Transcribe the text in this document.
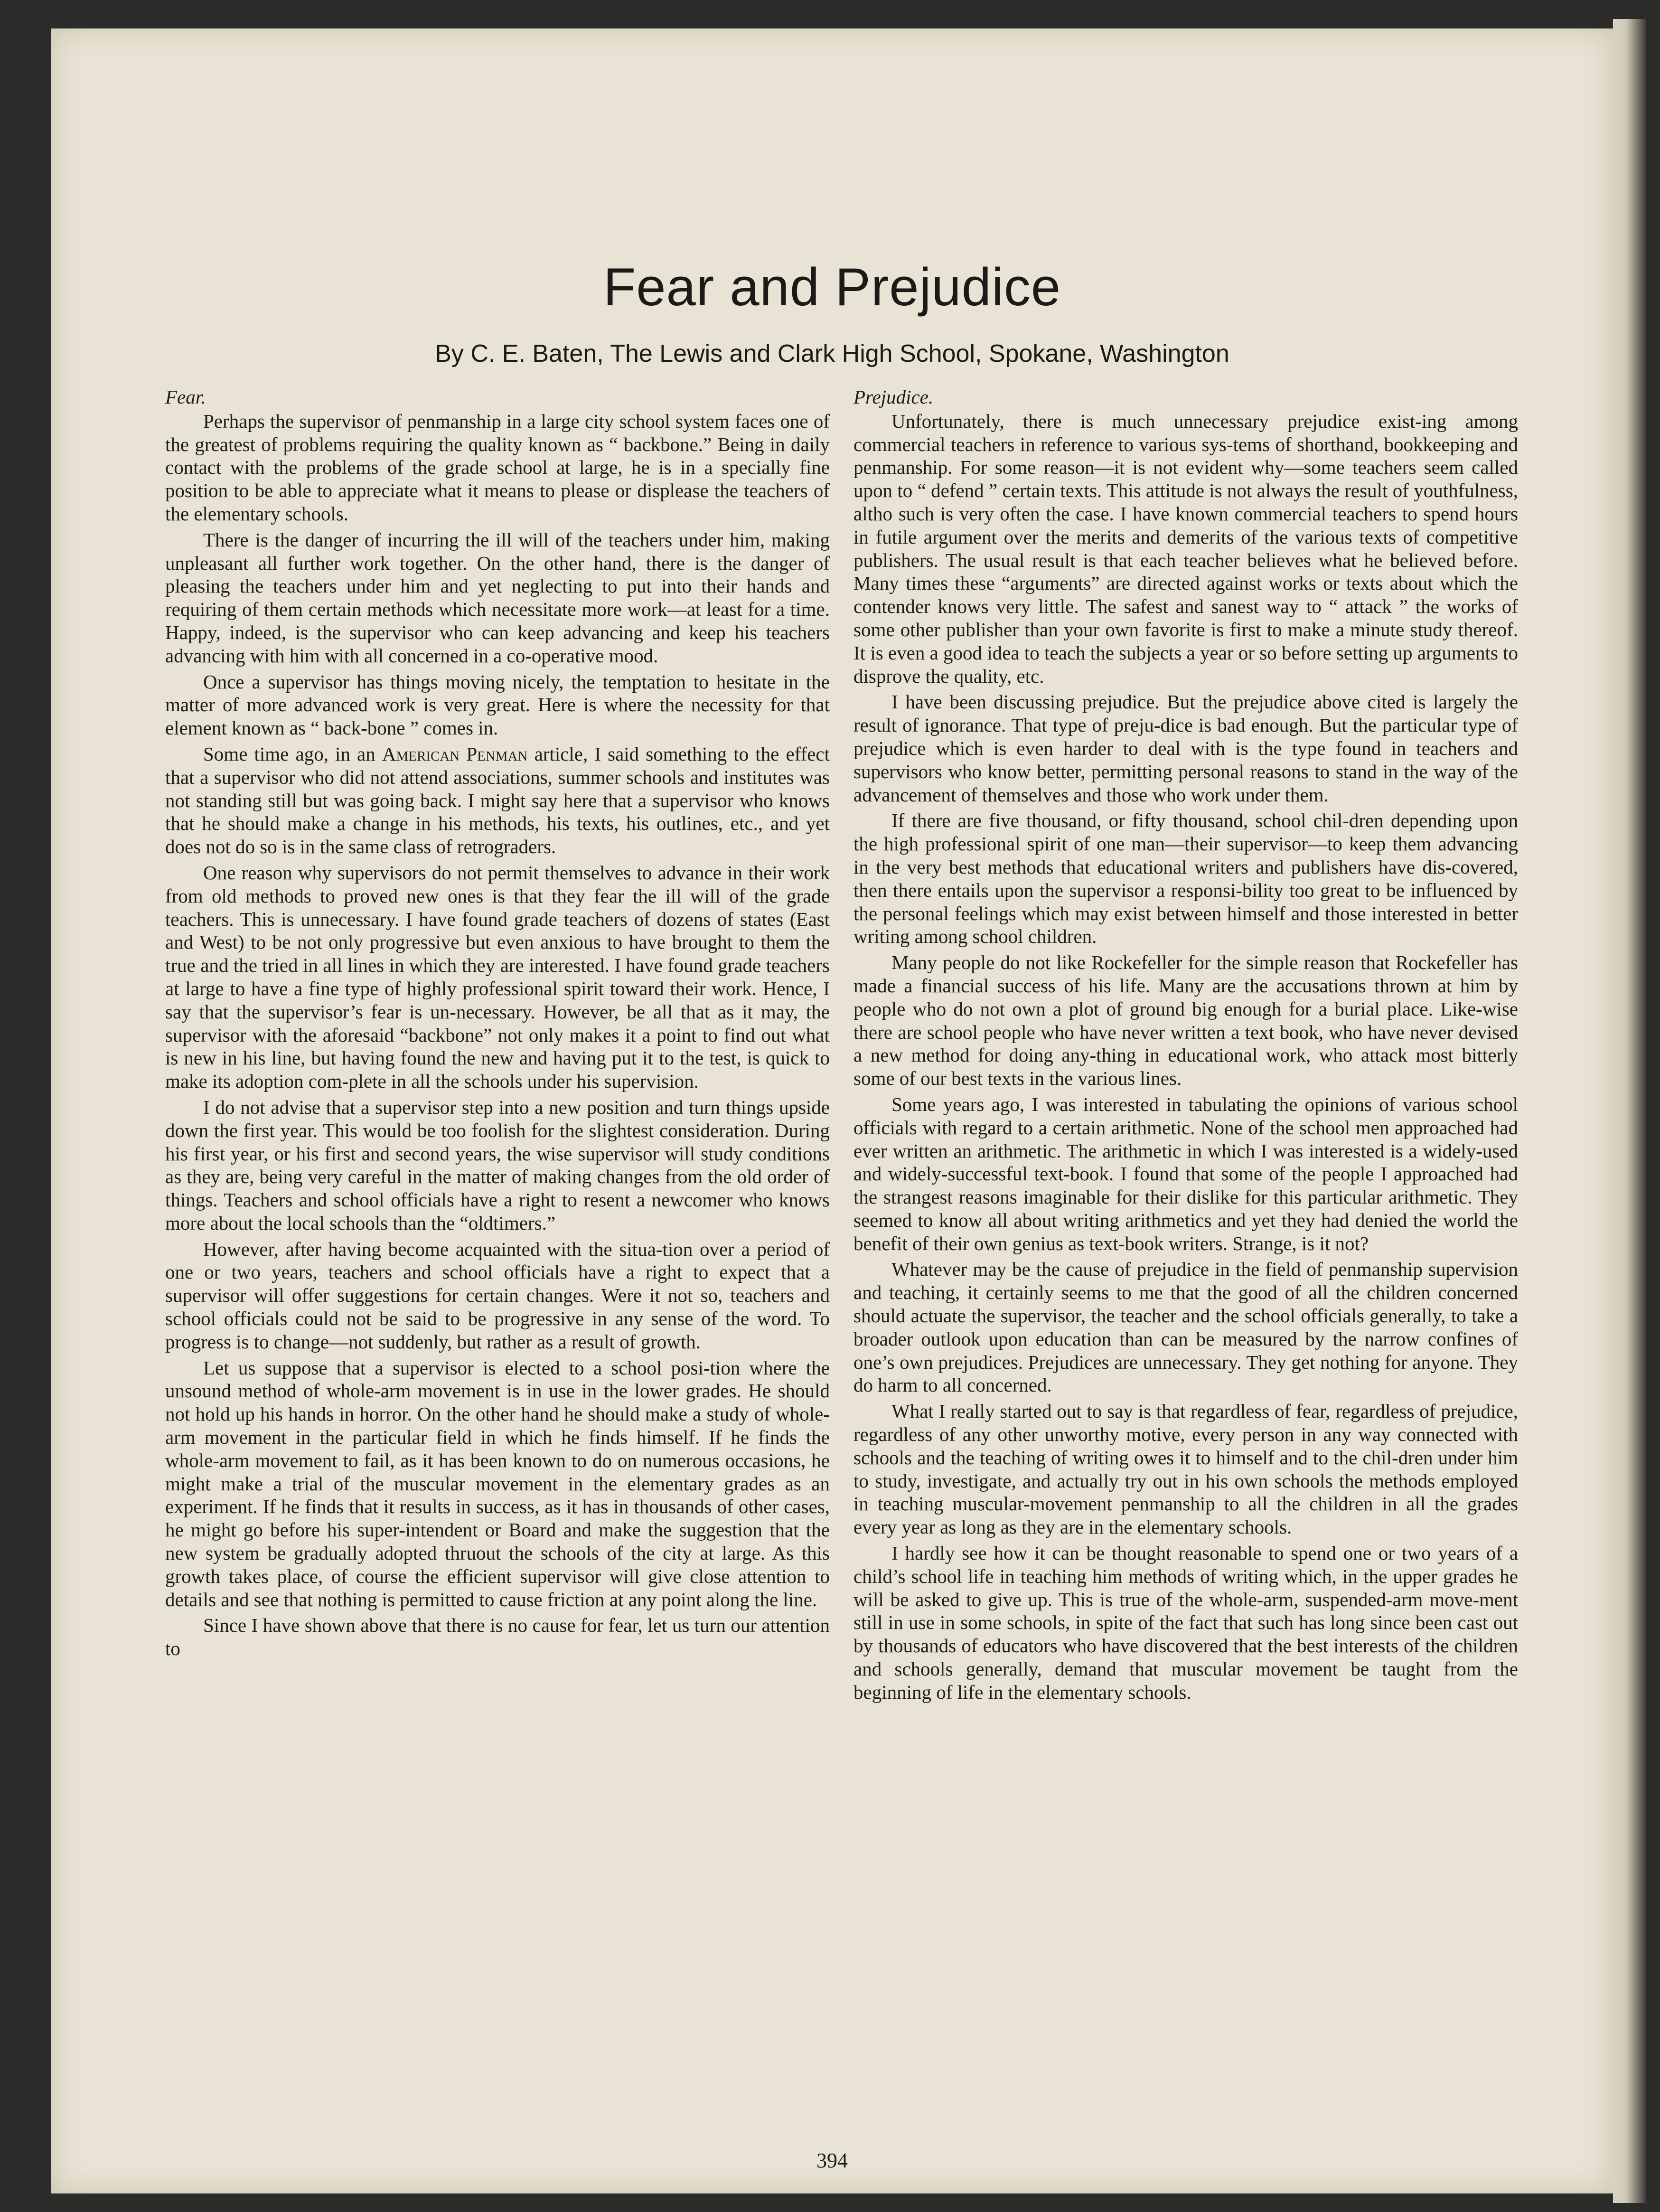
Fear and Prejudice

By C. E. Baten, The Lewis and Clark High School, Spokane, Washington

Fear.

Perhaps the supervisor of penmanship in a large city school system faces one of the greatest of problems requiring the quality known as “ backbone.” Being in daily contact with the problems of the grade school at large, he is in a specially fine position to be able to appreciate what it means to please or displease the teachers of the elementary schools.

There is the danger of incurring the ill will of the teachers under him, making unpleasant all further work together. On the other hand, there is the danger of pleasing the teachers under him and yet neglecting to put into their hands and requiring of them certain methods which necessitate more work—at least for a time. Happy, indeed, is the supervisor who can keep advancing and keep his teachers advancing with him with all concerned in a co-operative mood.

Once a supervisor has things moving nicely, the temptation to hesitate in the matter of more advanced work is very great. Here is where the necessity for that element known as “ back-bone ” comes in.

Some time ago, in an American Penman article, I said something to the effect that a supervisor who did not attend associations, summer schools and institutes was not standing still but was going back. I might say here that a supervisor who knows that he should make a change in his methods, his texts, his outlines, etc., and yet does not do so is in the same class of retrograders.

One reason why supervisors do not permit themselves to advance in their work from old methods to proved new ones is that they fear the ill will of the grade teachers. This is unnecessary. I have found grade teachers of dozens of states (East and West) to be not only progressive but even anxious to have brought to them the true and the tried in all lines in which they are interested. I have found grade teachers at large to have a fine type of highly professional spirit toward their work. Hence, I say that the supervisor’s fear is un-necessary. However, be all that as it may, the supervisor with the aforesaid “backbone” not only makes it a point to find out what is new in his line, but having found the new and having put it to the test, is quick to make its adoption com-plete in all the schools under his supervision.

I do not advise that a supervisor step into a new position and turn things upside down the first year. This would be too foolish for the slightest consideration. During his first year, or his first and second years, the wise supervisor will study conditions as they are, being very careful in the matter of making changes from the old order of things. Teachers and school officials have a right to resent a newcomer who knows more about the local schools than the “oldtimers.”

However, after having become acquainted with the situa-tion over a period of one or two years, teachers and school officials have a right to expect that a supervisor will offer suggestions for certain changes. Were it not so, teachers and school officials could not be said to be progressive in any sense of the word. To progress is to change—not suddenly, but rather as a result of growth.

Let us suppose that a supervisor is elected to a school posi-tion where the unsound method of whole-arm movement is in use in the lower grades. He should not hold up his hands in horror. On the other hand he should make a study of whole-arm movement in the particular field in which he finds himself. If he finds the whole-arm movement to fail, as it has been known to do on numerous occasions, he might make a trial of the muscular movement in the elementary grades as an experiment. If he finds that it results in success, as it has in thousands of other cases, he might go before his super-intendent or Board and make the suggestion that the new system be gradually adopted thruout the schools of the city at large. As this growth takes place, of course the efficient supervisor will give close attention to details and see that nothing is permitted to cause friction at any point along the line.

Since I have shown above that there is no cause for fear, let us turn our attention to

Prejudice.

Unfortunately, there is much unnecessary prejudice exist-ing among commercial teachers in reference to various sys-tems of shorthand, bookkeeping and penmanship. For some reason—it is not evident why—some teachers seem called upon to “ defend ” certain texts. This attitude is not always the result of youthfulness, altho such is very often the case. I have known commercial teachers to spend hours in futile argument over the merits and demerits of the various texts of competitive publishers. The usual result is that each teacher believes what he believed before. Many times these “arguments” are directed against works or texts about which the contender knows very little. The safest and sanest way to “ attack ” the works of some other publisher than your own favorite is first to make a minute study thereof. It is even a good idea to teach the subjects a year or so before setting up arguments to disprove the quality, etc.

I have been discussing prejudice. But the prejudice above cited is largely the result of ignorance. That type of preju-dice is bad enough. But the particular type of prejudice which is even harder to deal with is the type found in teachers and supervisors who know better, permitting personal reasons to stand in the way of the advancement of themselves and those who work under them.

If there are five thousand, or fifty thousand, school chil-dren depending upon the high professional spirit of one man—their supervisor—to keep them advancing in the very best methods that educational writers and publishers have dis-covered, then there entails upon the supervisor a responsi-bility too great to be influenced by the personal feelings which may exist between himself and those interested in better writing among school children.

Many people do not like Rockefeller for the simple reason that Rockefeller has made a financial success of his life. Many are the accusations thrown at him by people who do not own a plot of ground big enough for a burial place. Like-wise there are school people who have never written a text book, who have never devised a new method for doing any-thing in educational work, who attack most bitterly some of our best texts in the various lines.

Some years ago, I was interested in tabulating the opinions of various school officials with regard to a certain arithmetic. None of the school men approached had ever written an arithmetic. The arithmetic in which I was interested is a widely-used and widely-successful text-book. I found that some of the people I approached had the strangest reasons imaginable for their dislike for this particular arithmetic. They seemed to know all about writing arithmetics and yet they had denied the world the benefit of their own genius as text-book writers. Strange, is it not?

Whatever may be the cause of prejudice in the field of penmanship supervision and teaching, it certainly seems to me that the good of all the children concerned should actuate the supervisor, the teacher and the school officials generally, to take a broader outlook upon education than can be measured by the narrow confines of one’s own prejudices. Prejudices are unnecessary. They get nothing for anyone. They do harm to all concerned.

What I really started out to say is that regardless of fear, regardless of prejudice, regardless of any other unworthy motive, every person in any way connected with schools and the teaching of writing owes it to himself and to the chil-dren under him to study, investigate, and actually try out in his own schools the methods employed in teaching muscular-movement penmanship to all the children in all the grades every year as long as they are in the elementary schools.

I hardly see how it can be thought reasonable to spend one or two years of a child’s school life in teaching him methods of writing which, in the upper grades he will be asked to give up. This is true of the whole-arm, suspended-arm move-ment still in use in some schools, in spite of the fact that such has long since been cast out by thousands of educators who have discovered that the best interests of the children and schools generally, demand that muscular movement be taught from the beginning of life in the elementary schools.

394
